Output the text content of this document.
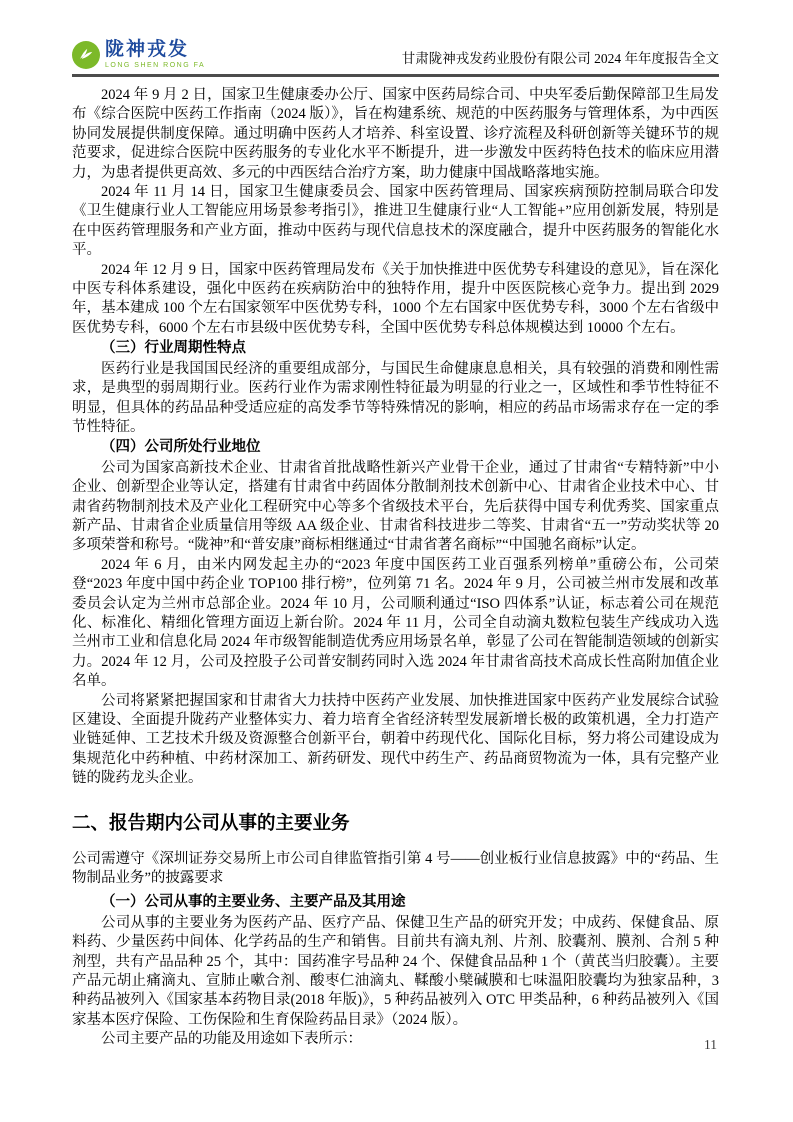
陇神戎发
LONG SHEN RONG FA	甘肃陇神戎发药业股份有限公司 2024 年年度报告全文

2024 年 9 月 2 日，国家卫生健康委办公厅、国家中医药局综合司、中央军委后勤保障部卫生局发布《综合医院中医药工作指南（2024 版）》，旨在构建系统、规范的中医药服务与管理体系，为中西医协同发展提供制度保障。通过明确中医药人才培养、科室设置、诊疗流程及科研创新等关键环节的规范要求，促进综合医院中医药服务的专业化水平不断提升，进一步激发中医药特色技术的临床应用潜力，为患者提供更高效、多元的中西医结合治疗方案，助力健康中国战略落地实施。

2024 年 11 月 14 日，国家卫生健康委员会、国家中医药管理局、国家疾病预防控制局联合印发《卫生健康行业人工智能应用场景参考指引》，推进卫生健康行业“人工智能+”应用创新发展，特别是在中医药管理服务和产业方面，推动中医药与现代信息技术的深度融合，提升中医药服务的智能化水平。

2024 年 12 月 9 日，国家中医药管理局发布《关于加快推进中医优势专科建设的意见》，旨在深化中医专科体系建设，强化中医药在疾病防治中的独特作用，提升中医医院核心竞争力。提出到 2029 年，基本建成 100 个左右国家领军中医优势专科，1000 个左右国家中医优势专科，3000 个左右省级中医优势专科，6000 个左右市县级中医优势专科，全国中医优势专科总体规模达到 10000 个左右。

（三）行业周期性特点

医药行业是我国国民经济的重要组成部分，与国民生命健康息息相关，具有较强的消费和刚性需求，是典型的弱周期行业。医药行业作为需求刚性特征最为明显的行业之一，区域性和季节性特征不明显，但具体的药品品种受适应症的高发季节等特殊情况的影响，相应的药品市场需求存在一定的季节性特征。

（四）公司所处行业地位

公司为国家高新技术企业、甘肃省首批战略性新兴产业骨干企业，通过了甘肃省“专精特新”中小企业、创新型企业等认定，搭建有甘肃省中药固体分散制剂技术创新中心、甘肃省企业技术中心、甘肃省药物制剂技术及产业化工程研究中心等多个省级技术平台，先后获得中国专利优秀奖、国家重点新产品、甘肃省企业质量信用等级 AA 级企业、甘肃省科技进步二等奖、甘肃省“五一”劳动奖状等 20 多项荣誉和称号。“陇神”和“普安康”商标相继通过“甘肃省著名商标”“中国驰名商标”认定。

2024 年 6 月，由米内网发起主办的“2023 年度中国医药工业百强系列榜单”重磅公布，公司荣登“2023 年度中国中药企业 TOP100 排行榜”，位列第 71 名。2024 年 9 月，公司被兰州市发展和改革委员会认定为兰州市总部企业。2024 年 10 月，公司顺利通过“ISO 四体系”认证，标志着公司在规范化、标准化、精细化管理方面迈上新台阶。2024 年 11 月，公司全自动滴丸数粒包装生产线成功入选兰州市工业和信息化局 2024 年市级智能制造优秀应用场景名单，彰显了公司在智能制造领域的创新实力。2024 年 12 月，公司及控股子公司普安制药同时入选 2024 年甘肃省高技术高成长性高附加值企业名单。

公司将紧紧把握国家和甘肃省大力扶持中医药产业发展、加快推进国家中医药产业发展综合试验区建设、全面提升陇药产业整体实力、着力培育全省经济转型发展新增长极的政策机遇，全力打造产业链延伸、工艺技术升级及资源整合创新平台，朝着中药现代化、国际化目标，努力将公司建设成为集规范化中药种植、中药材深加工、新药研发、现代中药生产、药品商贸物流为一体，具有完整产业链的陇药龙头企业。

二、报告期内公司从事的主要业务

公司需遵守《深圳证券交易所上市公司自律监管指引第 4 号——创业板行业信息披露》中的“药品、生物制品业务”的披露要求

（一）公司从事的主要业务、主要产品及其用途

公司从事的主要业务为医药产品、医疗产品、保健卫生产品的研究开发；中成药、保健食品、原料药、少量医药中间体、化学药品的生产和销售。目前共有滴丸剂、片剂、胶囊剂、膜剂、合剂 5 种剂型，共有产品品种 25 个，其中：国药准字号品种 24 个、保健食品品种 1 个（黄芪当归胶囊）。主要产品元胡止痛滴丸、宣肺止嗽合剂、酸枣仁油滴丸、鞣酸小檗碱膜和七味温阳胶囊均为独家品种，3 种药品被列入《国家基本药物目录(2018 年版)》，5 种药品被列入 OTC 甲类品种，6 种药品被列入《国家基本医疗保险、工伤保险和生育保险药品目录》（2024 版）。

公司主要产品的功能及用途如下表所示：	11
